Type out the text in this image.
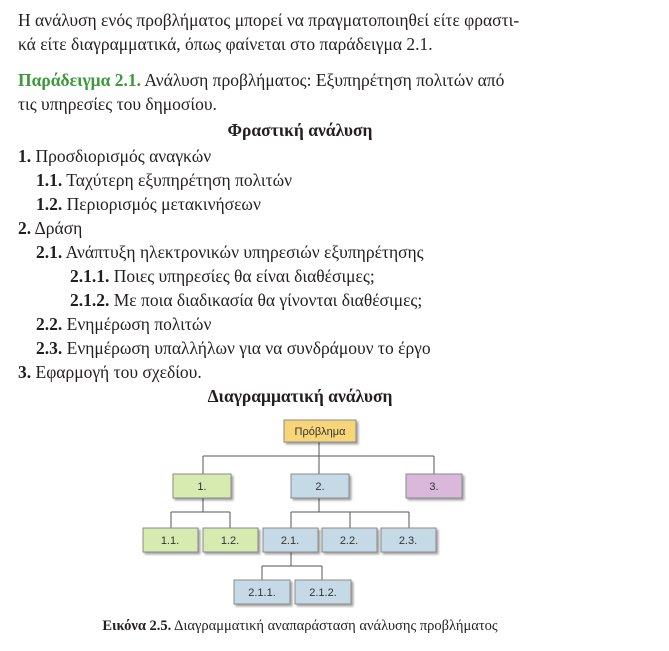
Η ανάλυση ενός προβλήματος μπορεί να πραγματοποιηθεί είτε φραστι-

κά είτε διαγραμματικά, όπως φαίνεται στο παράδειγμα 2.1.

Παράδειγμα 2.1. Ανάλυση προβλήματος: Εξυπηρέτηση πολιτών από

τις υπηρεσίες του δημοσίου.

Φραστική ανάλυση

1. Προσδιορισμός αναγκών
1.1. Ταχύτερη εξυπηρέτηση πολιτών
1.2. Περιορισμός μετακινήσεων
2. Δράση
2.1. Ανάπτυξη ηλεκτρονικών υπηρεσιών εξυπηρέτησης
2.1.1. Ποιες υπηρεσίες θα είναι διαθέσιμες;
2.1.2. Με ποια διαδικασία θα γίνονται διαθέσιμες;
2.2. Ενημέρωση πολιτών
2.3. Ενημέρωση υπαλλήλων για να συνδράμουν το έργο
3. Εφαρμογή του σχεδίου.

Διαγραμματική ανάλυση

Πρόβλημα
1.	2.	3.
1.1.	1.2.	2.1.	2.2.	2.3.
2.1.1.	2.1.2.

Εικόνα 2.5. Διαγραμματική αναπαράσταση ανάλυσης προβλήματος
